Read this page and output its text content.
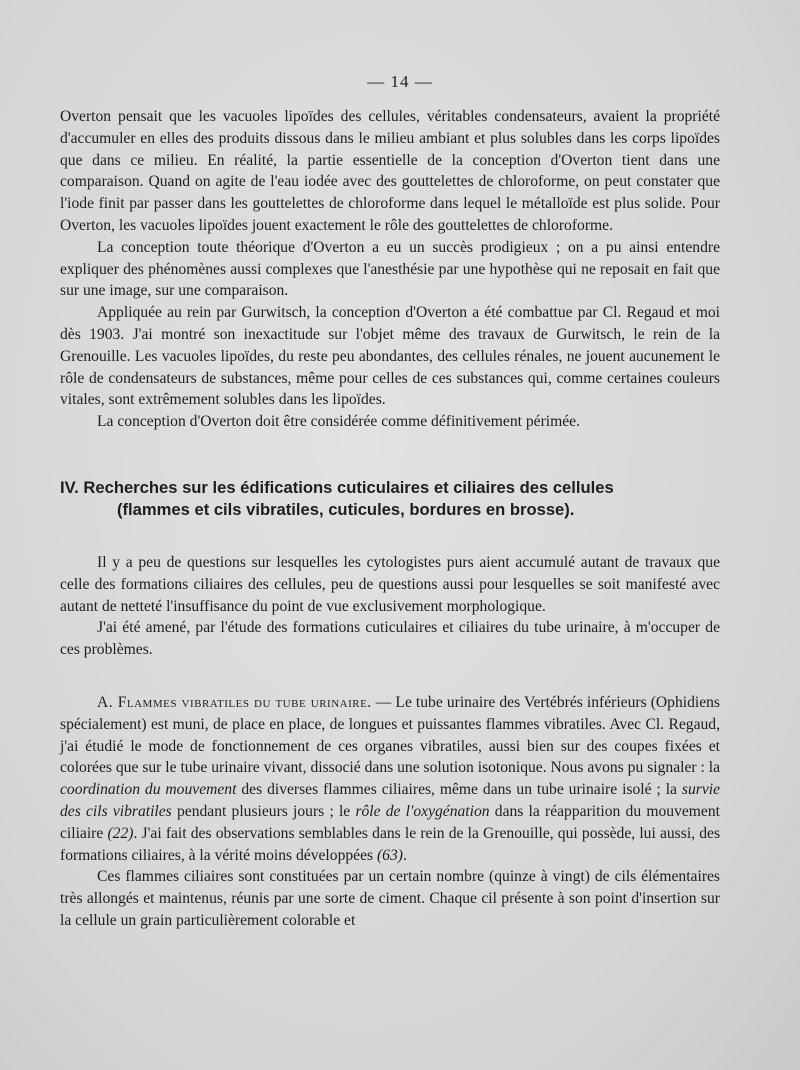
— 14 —

Overton pensait que les vacuoles lipoïdes des cellules, véritables condensateurs, avaient la propriété d'accumuler en elles des produits dissous dans le milieu ambiant et plus solubles dans les corps lipoïdes que dans ce milieu. En réalité, la partie essentielle de la conception d'Overton tient dans une comparaison. Quand on agite de l'eau iodée avec des gouttelettes de chloroforme, on peut constater que l'iode finit par passer dans les gouttelettes de chloroforme dans lequel le métalloïde est plus solide. Pour Overton, les vacuoles lipoïdes jouent exactement le rôle des gouttelettes de chloroforme.

La conception toute théorique d'Overton a eu un succès prodigieux ; on a pu ainsi entendre expliquer des phénomènes aussi complexes que l'anesthésie par une hypothèse qui ne reposait en fait que sur une image, sur une comparaison.

Appliquée au rein par Gurwitsch, la conception d'Overton a été combattue par Cl. Regaud et moi dès 1903. J'ai montré son inexactitude sur l'objet même des travaux de Gurwitsch, le rein de la Grenouille. Les vacuoles lipoïdes, du reste peu abondantes, des cellules rénales, ne jouent aucunement le rôle de condensateurs de substances, même pour celles de ces substances qui, comme certaines couleurs vitales, sont extrêmement solubles dans les lipoïdes.

La conception d'Overton doit être considérée comme définitivement périmée.

IV. Recherches sur les édifications cuticulaires et ciliaires des cellules
(flammes et cils vibratiles, cuticules, bordures en brosse).

Il y a peu de questions sur lesquelles les cytologistes purs aient accumulé autant de travaux que celle des formations ciliaires des cellules, peu de questions aussi pour lesquelles se soit manifesté avec autant de netteté l'insuffisance du point de vue exclusivement morphologique.

J'ai été amené, par l'étude des formations cuticulaires et ciliaires du tube urinaire, à m'occuper de ces problèmes.

A. Flammes vibratiles du tube urinaire. — Le tube urinaire des Vertébrés inférieurs (Ophidiens spécialement) est muni, de place en place, de longues et puissantes flammes vibratiles. Avec Cl. Regaud, j'ai étudié le mode de fonctionnement de ces organes vibratiles, aussi bien sur des coupes fixées et colorées que sur le tube urinaire vivant, dissocié dans une solution isotonique. Nous avons pu signaler : la coordination du mouvement des diverses flammes ciliaires, même dans un tube urinaire isolé ; la survie des cils vibratiles pendant plusieurs jours ; le rôle de l'oxygénation dans la réapparition du mouvement ciliaire (22). J'ai fait des observations semblables dans le rein de la Grenouille, qui possède, lui aussi, des formations ciliaires, à la vérité moins développées (63).

Ces flammes ciliaires sont constituées par un certain nombre (quinze à vingt) de cils élémentaires très allongés et maintenus, réunis par une sorte de ciment. Chaque cil présente à son point d'insertion sur la cellule un grain particulièrement colorable et
